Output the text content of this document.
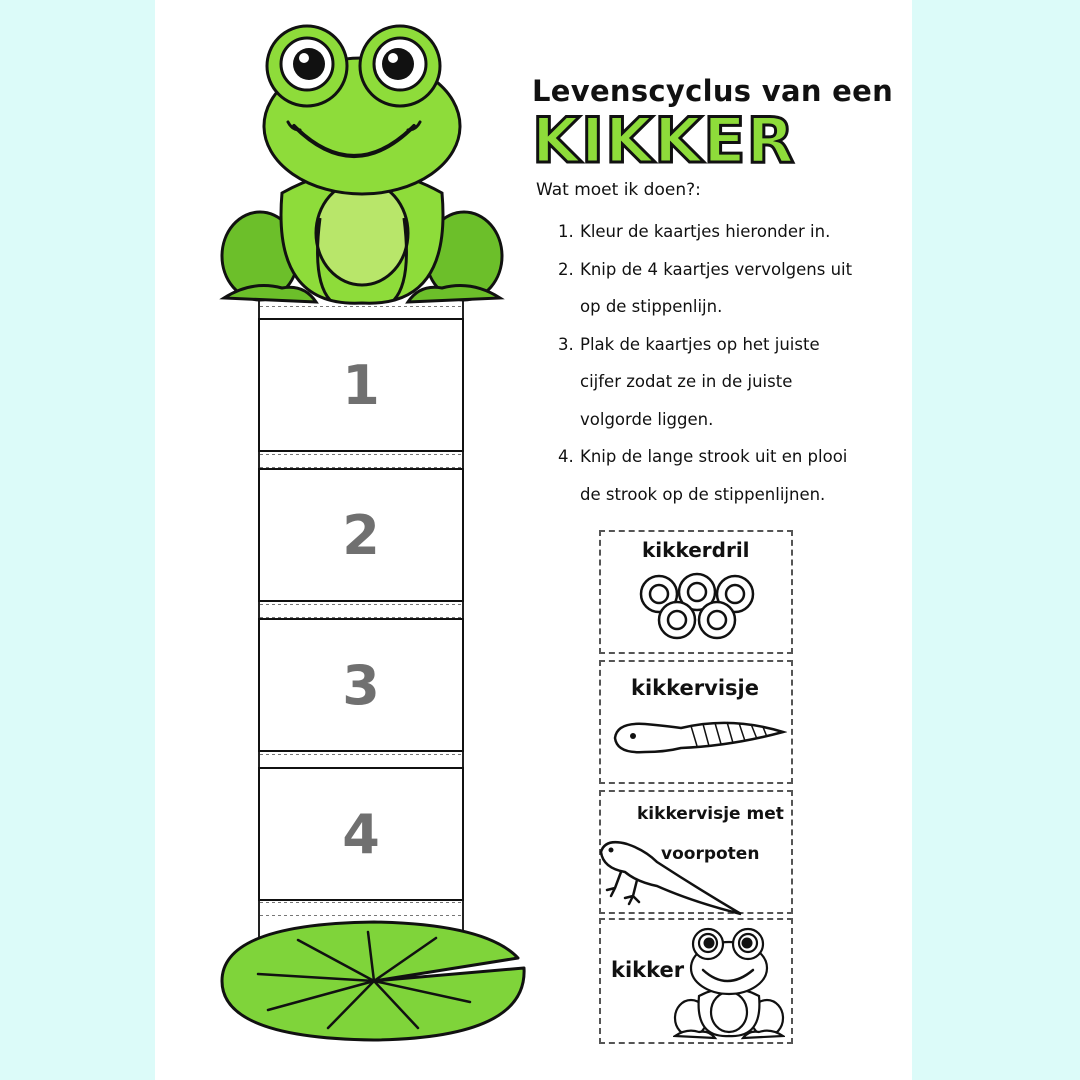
1
2
3
4
Levenscyclus van een
KIKKER
Wat moet ik doen?:
1. Kleur de kaartjes hieronder in.
2. Knip de 4 kaartjes vervolgens uit
op de stippenlijn.
3. Plak de kaartjes op het juiste
cijfer zodat ze in de juiste
volgorde liggen.
4. Knip de lange strook uit en plooi
de strook op de stippenlijnen.
kikkerdril
kikkervisje
kikkervisje met
voorpoten
kikker
